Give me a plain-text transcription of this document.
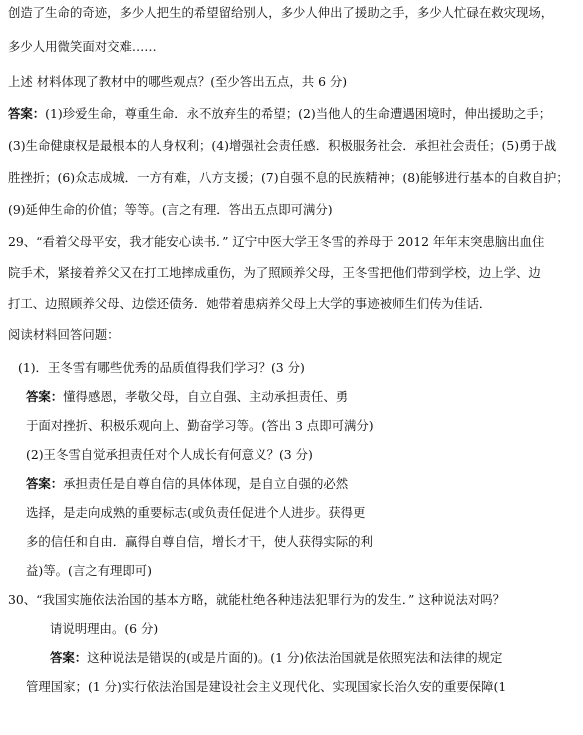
创造了生命的奇迹，多少人把生的希望留给别人，多少人伸出了援助之手，多少人忙碌在救灾现场，
多少人用微笑面对交难……
上述 材料体现了教材中的哪些观点？(至少答出五点，共 6 分)
答案：(1)珍爱生命，尊重生命．永不放弃生的希望；(2)当他人的生命遭遇困境时，伸出援助之手；
(3)生命健康权是最根本的人身权利；(4)增强社会责任感．积极服务社会．承担社会责任；(5)勇于战
胜挫折；(6)众志成城．一方有难，八方支援；(7)自强不息的民族精神；(8)能够进行基本的自救自护；
(9)延伸生命的价值；等等。(言之有理．答出五点即可满分)
29、“看着父母平安，我才能安心读书．” 辽宁中医大学王冬雪的养母于 2012 年年末突患脑出血住
院手术，紧接着养父又在打工地摔成重伤，为了照顾养父母，王冬雪把他们带到学校，边上学、边
打工、边照顾养父母、边偿还债务．她带着患病养父母上大学的事迹被师生们传为佳话．
阅读材料回答问题：
(1)．王冬雪有哪些优秀的品质值得我们学习？(3 分)
答案：懂得感恩，孝敬父母，自立自强、主动承担责任、勇
于面对挫折、积极乐观向上、勤奋学习等。(答出 3 点即可满分)
(2)王冬雪自觉承担责任对个人成长有何意义？(3 分)
答案：承担责任是自尊自信的具体体现，是自立自强的必然
选择，是走向成熟的重要标志(或负责任促进个人进步。获得更
多的信任和自由．赢得自尊自信，增长才干，使人获得实际的利
益)等。(言之有理即可)
30、“我国实施依法治国的基本方略，就能杜绝各种违法犯罪行为的发生．” 这种说法对吗？
请说明理由。(6 分)
答案：这种说法是错误的(或是片面的)。(1 分)依法治国就是依照宪法和法律的规定
管理国家；(1 分)实行依法治国是建设社会主义现代化、实现国家长治久安的重要保障(1
